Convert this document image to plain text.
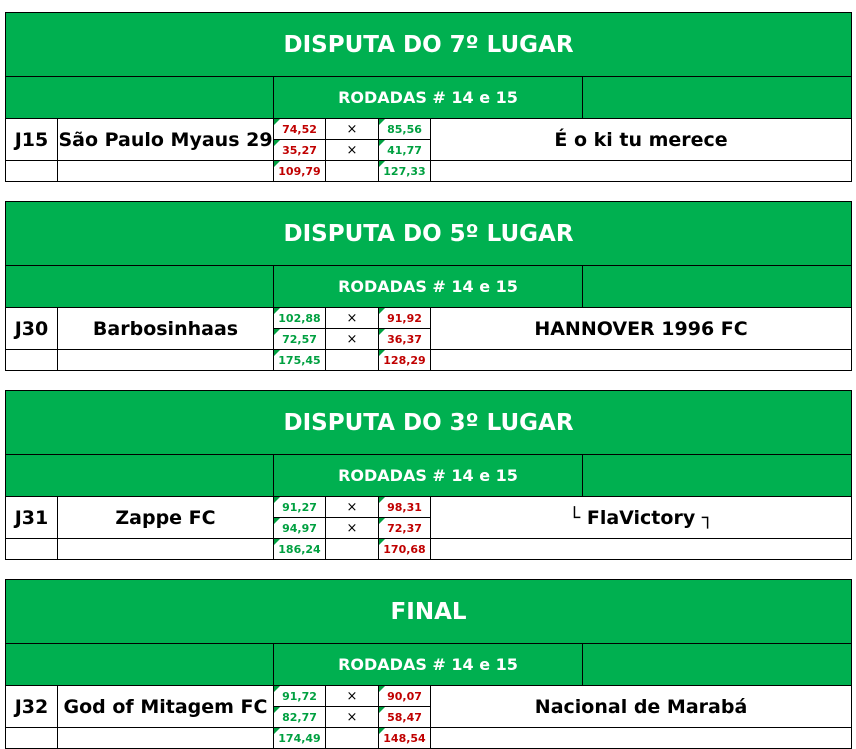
DISPUTA DO 7º LUGAR						
		RODADAS # 14 e 15				
J15	São Paulo Myaus 29	74,52	×	85,56	É o ki tu merece	
		35,27	×	41,77		
		109,79		127,33		
DISPUTA DO 5º LUGAR						
		RODADAS # 14 e 15				
J30	Barbosinhaas	102,88	×	91,92	HANNOVER 1996 FC	
		72,57	×	36,37		
		175,45		128,29		
DISPUTA DO 3º LUGAR						
		RODADAS # 14 e 15				
J31	Zappe FC	91,27	×	98,31	└ FlaVictory ┐	
		94,97	×	72,37		
		186,24		170,68		
FINAL						
		RODADAS # 14 e 15				
J32	God of Mitagem FC	91,72	×	90,07	Nacional de Marabá	
		82,77	×	58,47		
		174,49		148,54		
